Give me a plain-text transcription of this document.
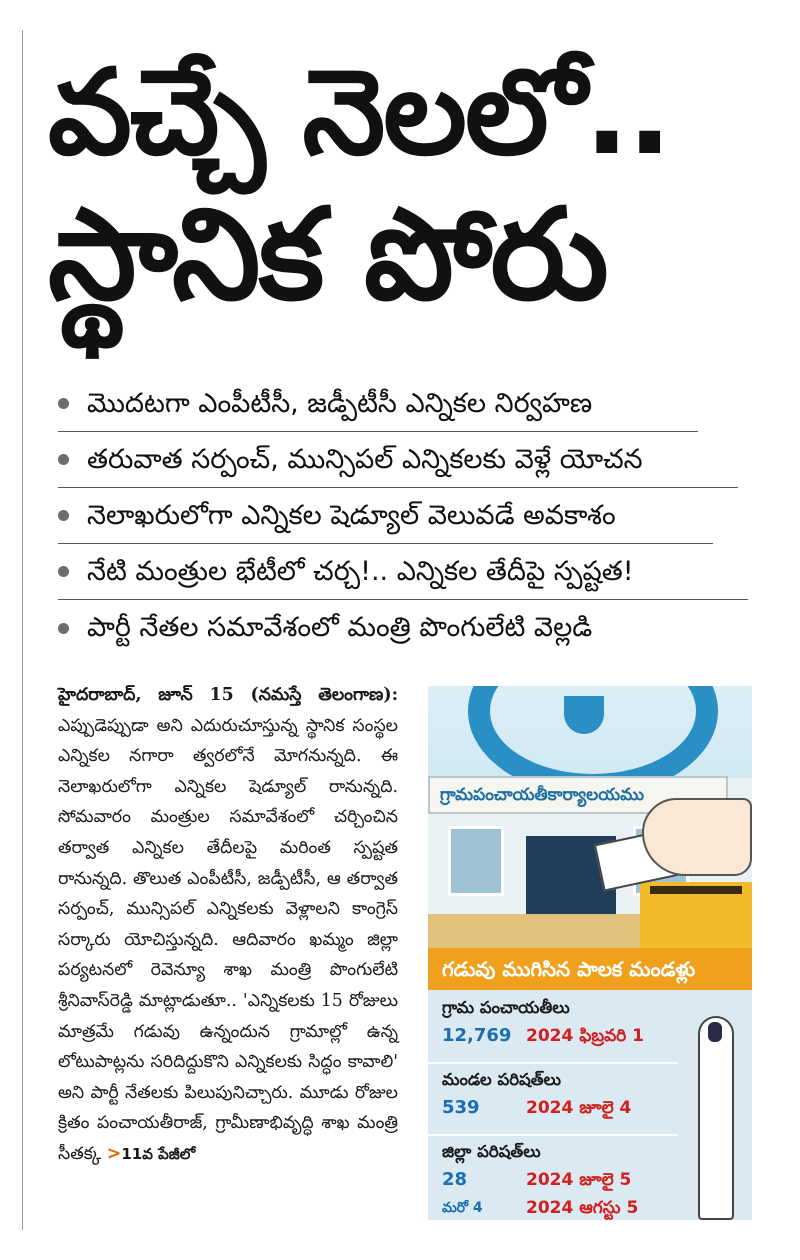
వచ్చే నెలలో..
స్థానిక పోరు
మొదటగా ఎంపీటీసీ, జడ్పీటీసీ ఎన్నికల నిర్వహణ
తరువాత సర్పంచ్, మున్సిపల్ ఎన్నికలకు వెళ్లే యోచన
నెలాఖరులోగా ఎన్నికల షెడ్యూల్ వెలువడే అవకాశం
నేటి మంత్రుల భేటీలో చర్చ!.. ఎన్నికల తేదీపై స్పష్టత!
పార్టీ నేతల సమావేశంలో మంత్రి పొంగులేటి వెల్లడి
హైదరాబాద్, జూన్ 15 (నమస్తే తెలంగాణ): ఎప్పుడెప్పుడా అని ఎదురుచూస్తున్న స్థానిక సంస్థల ఎన్నికల నగారా త్వరలోనే మోగనున్నది. ఈ నెలాఖరులోగా ఎన్నికల షెడ్యూల్ రానున్నది. సోమవారం మంత్రుల సమావేశంలో చర్చించిన తర్వాత ఎన్నికల తేదీలపై మరింత స్పష్టత రానున్నది. తొలుత ఎంపీటీసీ, జడ్పీటీసీ, ఆ తర్వాత సర్పంచ్, మున్సిపల్ ఎన్నికలకు వెళ్లాలని కాంగ్రెస్ సర్కారు యోచిస్తున్నది. ఆదివారం ఖమ్మం జిల్లా పర్యటనలో రెవెన్యూ శాఖ మంత్రి పొంగులేటి శ్రీనివాస్‌రెడ్డి మాట్లాడుతూ.. 'ఎన్నికలకు 15 రోజులు మాత్రమే గడువు ఉన్నందున గ్రామాల్లో ఉన్న లోటుపాట్లను సరిదిద్దుకొని ఎన్నికలకు సిద్ధం కావాలి' అని పార్టీ నేతలకు పిలుపునిచ్చారు. మూడు రోజుల క్రితం పంచాయతీరాజ్, గ్రామీణాభివృద్ధి శాఖ మంత్రి సీతక్క >11వ పేజీలో
గ్రామపంచాయతీకార్యాలయము
గడువు ముగిసిన పాలక మండళ్లు
గ్రామ పంచాయతీలు
12,769 2024 ఫిబ్రవరి 1
మండల పరిషత్‌లు
539	2024 జూలై 4
జిల్లా పరిషత్‌లు
28	2024 జూలై 5
మరో 4	2024 ఆగస్టు 5
